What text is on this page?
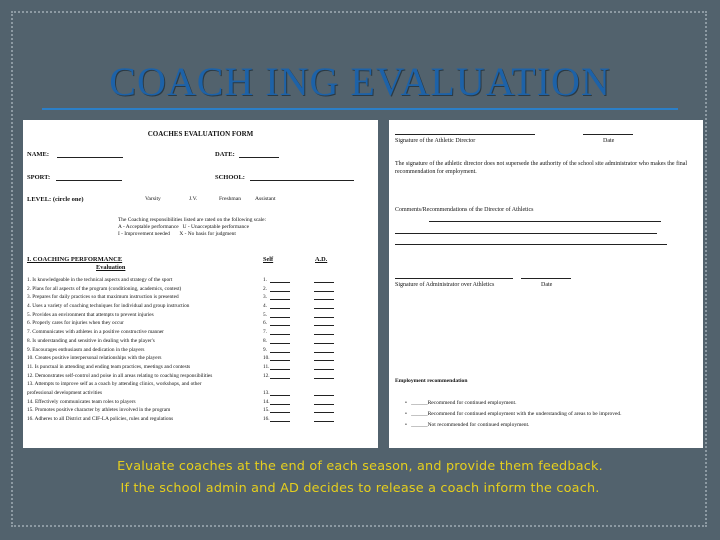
COACH ING EVALUATION
COACHES EVALUATION FORM
NAME:	DATE:
SPORT:	SCHOOL:
LEVEL: (circle one)	Varsity	J.V.	Freshman Assistant
The Coaching responsibilities listed are rated on the following scale:
A - Acceptable performance U - Unacceptable performance
I - Improvement needed X - No basis for judgment
I. COACHING PERFORMANCE	Self	A.D.
Evaluation
1. Is knowledgeable in the technical aspects and strategy of the sport	1.
2. Plans for all aspects of the program (conditioning, academics, contest)	2.
3. Prepares for daily practices so that maximum instruction is presented	3.
4. Uses a variety of coaching techniques for individual and group instruction	4.
5. Provides an environment that attempts to prevent injuries	5.
6. Properly cares for injuries when they occur	6.
7. Communicates with athletes in a positive constructive manner	7.
8. Is understanding and sensitive in dealing with the player's	8.
9. Encourages enthusiasm and dedication in the players	9.
10. Creates positive interpersonal relationships with the players	10.
11. Is punctual in attending and ending team practices, meetings and contests	11.
12. Demonstrates self-control and poise in all areas relating to coaching responsibilities	12.
13. Attempts to improve self as a coach by attending clinics, workshops, and other
professional development activities	13.
14. Effectively communicates team roles to players	14.
15. Promotes positive character by athletes involved in the program	15.
16. Adheres to all District and CIF-LA policies, rules and regulations	16.
Signature of the Athletic Director	Date
The signature of the athletic director does not supersede the authority of the school site administrator who makes the final recommendation for employment.
Comments/Recommendations of the Director of Athletics
Signature of Administrator over Athletics	Date
Employment recommendation
•   ______Recommend for continued employment.
•   ______Recommend for continued employment with the understanding of areas to be improved.
•   ______Not recommended for continued employment.
Evaluate coaches at the end of each season, and provide them feedback.
If the school admin and AD decides to release a coach inform the coach.
